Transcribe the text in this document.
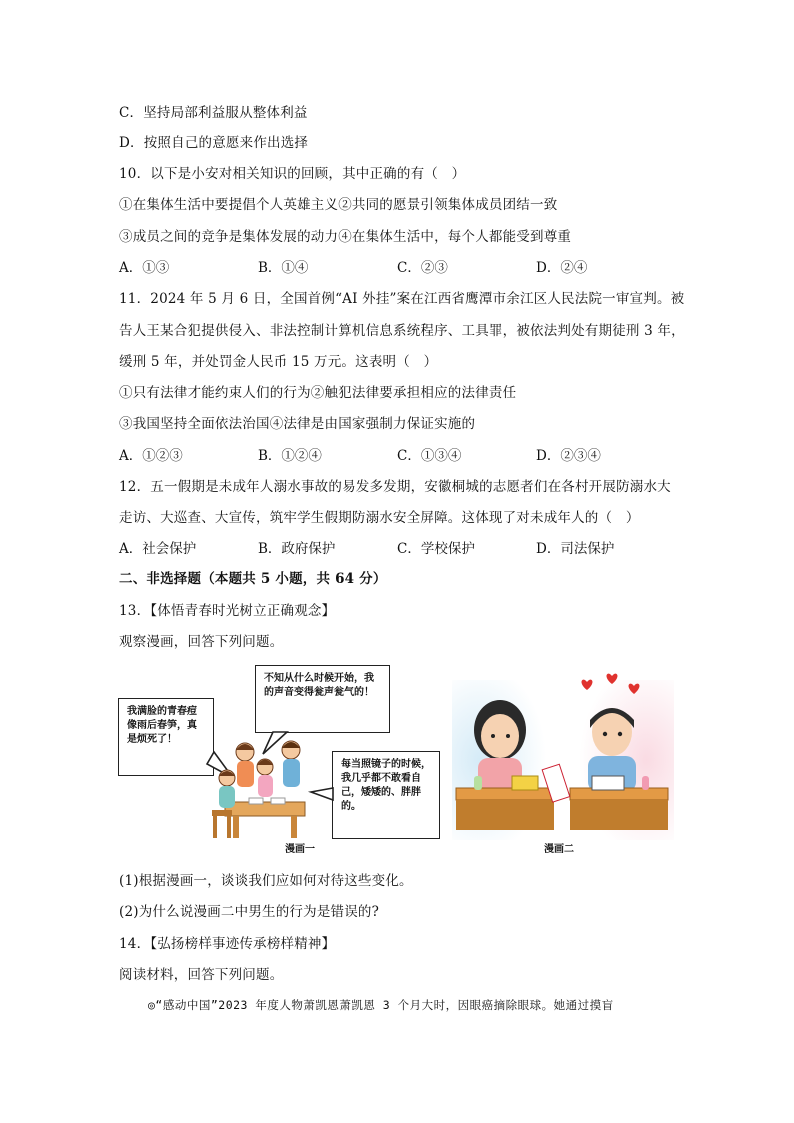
C．坚持局部利益服从整体利益
D．按照自己的意愿来作出选择
10．以下是小安对相关知识的回顾，其中正确的有（　）
①在集体生活中要提倡个人英雄主义②共同的愿景引领集体成员团结一致
③成员之间的竞争是集体发展的动力④在集体生活中，每个人都能受到尊重
A．①③	B．①④	C．②③	D．②④
11．2024 年 5 月 6 日，全国首例“AI 外挂”案在江西省鹰潭市余江区人民法院一审宣判。被
告人王某合犯提供侵入、非法控制计算机信息系统程序、工具罪，被依法判处有期徒刑 3 年，
缓刑 5 年，并处罚金人民币 15 万元。这表明（　）
①只有法律才能约束人们的行为②触犯法律要承担相应的法律责任
③我国坚持全面依法治国④法律是由国家强制力保证实施的
A．①②③	B．①②④	C．①③④	D．②③④
12．五一假期是未成年人溺水事故的易发多发期，安徽桐城的志愿者们在各村开展防溺水大
走访、大巡查、大宣传，筑牢学生假期防溺水安全屏障。这体现了对未成年人的（　）
A．社会保护	B．政府保护	C．学校保护	D．司法保护
二、非选择题（本题共 5 小题，共 64 分）
13．【体悟青春时光树立正确观念】
观察漫画，回答下列问题。
我满脸的青春痘像雨后春笋，真是烦死了！
不知从什么时候开始，我的声音变得瓮声瓮气的！
每当照镜子的时候，我几乎都不敢看自己，矮矮的、胖胖的。
漫画一	漫画二
(1)根据漫画一，谈谈我们应如何对待这些变化。
(2)为什么说漫画二中男生的行为是错误的?
14．【弘扬榜样事迹传承榜样精神】
阅读材料，回答下列问题。
◎“感动中国”2023 年度人物萧凯恩萧凯恩 3 个月大时，因眼癌摘除眼球。她通过摸盲
